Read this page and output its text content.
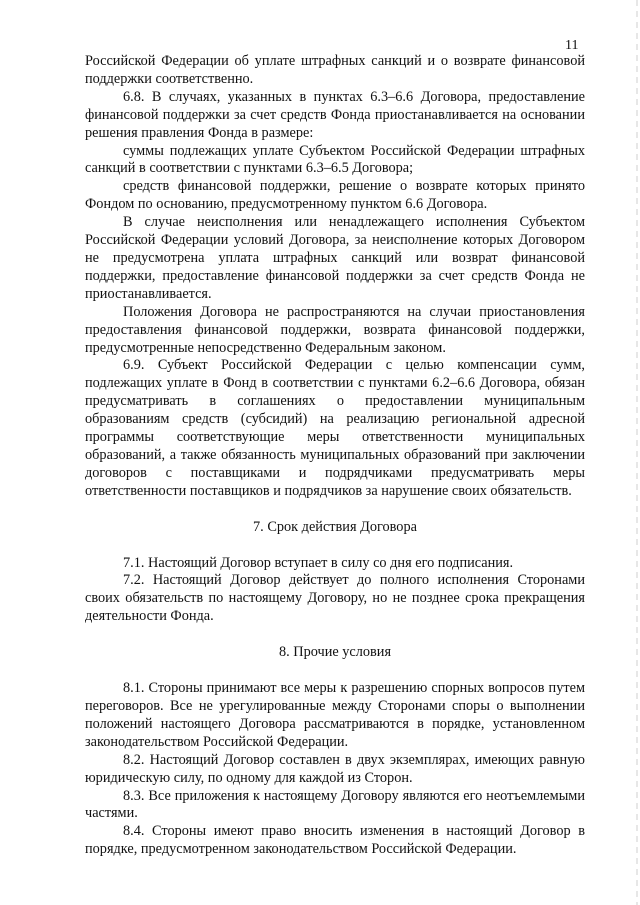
11

Российской Федерации об уплате штрафных санкций и о возврате финансовой поддержки соответственно.

6.8. В случаях, указанных в пунктах 6.3–6.6 Договора, предоставление финансовой поддержки за счет средств Фонда приостанавливается на основании решения правления Фонда в размере:

суммы подлежащих уплате Субъектом Российской Федерации штрафных санкций в соответствии с пунктами 6.3–6.5 Договора;

средств финансовой поддержки, решение о возврате которых принято Фондом по основанию, предусмотренному пунктом 6.6 Договора.

В случае неисполнения или ненадлежащего исполнения Субъектом Российской Федерации условий Договора, за неисполнение которых Договором не предусмотрена уплата штрафных санкций или возврат финансовой поддержки, предоставление финансовой поддержки за счет средств Фонда не приостанавливается.

Положения Договора не распространяются на случаи приостановления предоставления финансовой поддержки, возврата финансовой поддержки, предусмотренные непосредственно Федеральным законом.

6.9. Субъект Российской Федерации с целью компенсации сумм, подлежащих уплате в Фонд в соответствии с пунктами 6.2–6.6 Договора, обязан предусматривать в соглашениях о предоставлении муниципальным образованиям средств (субсидий) на реализацию региональной адресной программы соответствующие меры ответственности муниципальных образований, а также обязанность муниципальных образований при заключении договоров с поставщиками и подрядчиками предусматривать меры ответственности поставщиков и подрядчиков за нарушение своих обязательств.

7. Срок действия Договора

7.1. Настоящий Договор вступает в силу со дня его подписания.

7.2. Настоящий Договор действует до полного исполнения Сторонами своих обязательств по настоящему Договору, но не позднее срока прекращения деятельности Фонда.

8. Прочие условия

8.1. Стороны принимают все меры к разрешению спорных вопросов путем переговоров. Все не урегулированные между Сторонами споры о выполнении положений настоящего Договора рассматриваются в порядке, установленном законодательством Российской Федерации.

8.2. Настоящий Договор составлен в двух экземплярах, имеющих равную юридическую силу, по одному для каждой из Сторон.

8.3. Все приложения к настоящему Договору являются его неотъемлемыми частями.

8.4. Стороны имеют право вносить изменения в настоящий Договор в порядке, предусмотренном законодательством Российской Федерации.
